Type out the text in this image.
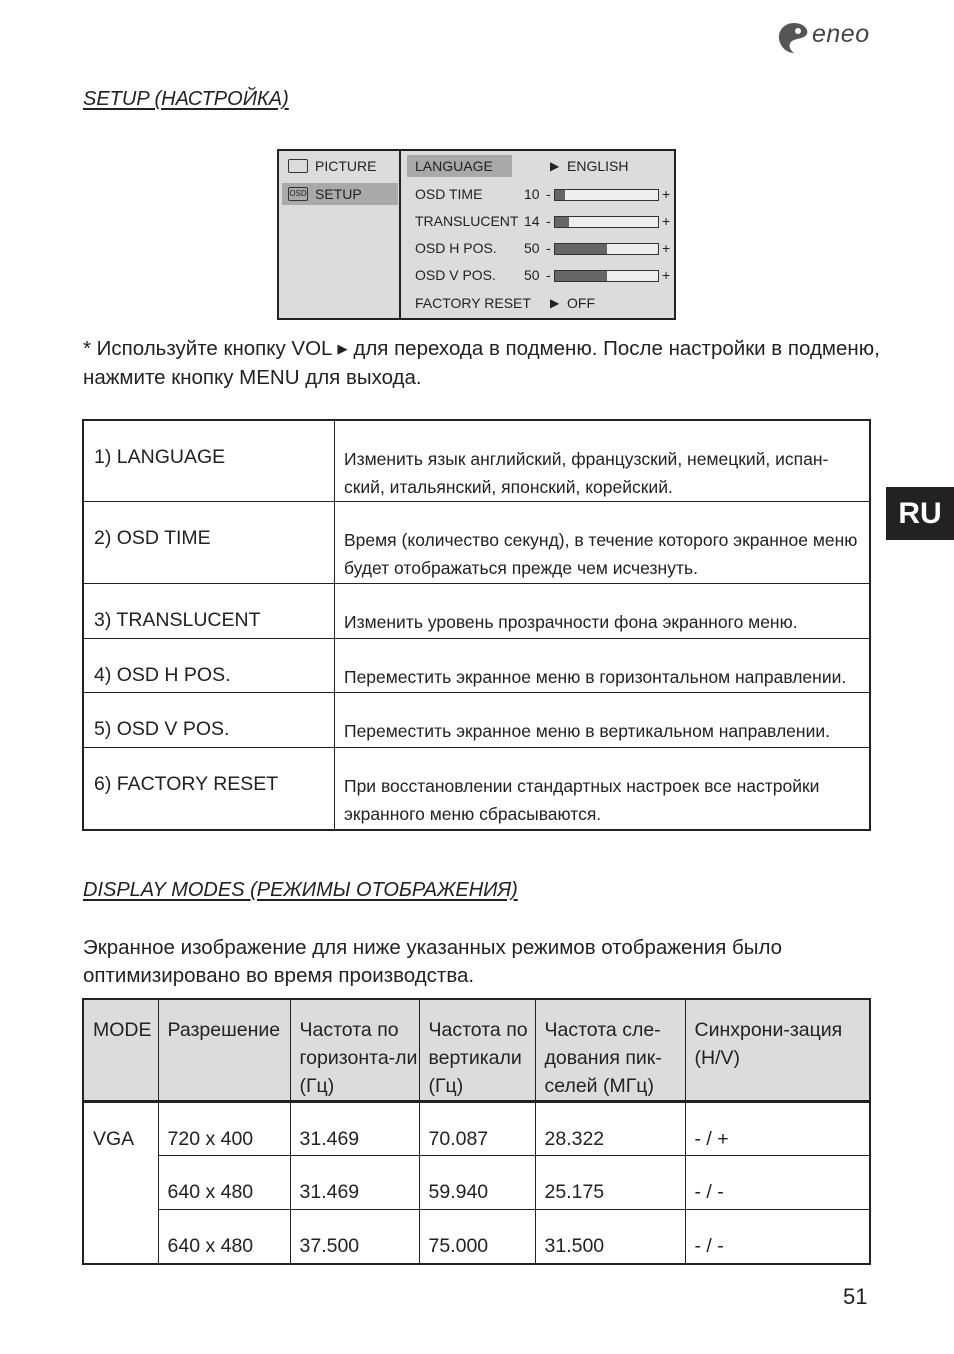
eneo
SETUP (НАСТРОЙКА)
PICTURE
OSD SETUP
LANGUAGE	▶ ENGLISH
OSD TIME	10 -	+
TRANSLUCENT 14 -	+
OSD H POS. 50 -	+
OSD V POS. 50 -	+
FACTORY RESET ▶ OFF
* Используйте кнопку VOL ▸ для перехода в подменю. После настройки в подменю, нажмите кнопку MENU для выхода.
RU
1) LANGUAGE	Изменить язык английский, французский, немецкий, испан-ский, итальянский, японский, корейский.
2) OSD TIME	Время (количество секунд), в течение которого экранное меню будет отображаться прежде чем исчезнуть.
3) TRANSLUCENT	Изменить уровень прозрачности фона экранного меню.
4) OSD H POS.	Переместить экранное меню в горизонтальном направлении.
5) OSD V POS.	Переместить экранное меню в вертикальном направлении.
6) FACTORY RESET	При восстановлении стандартных настроек все настройки экранного меню сбрасываются.
DISPLAY MODES (РЕЖИМЫ ОТОБРАЖЕНИЯ)
Экранное изображение для ниже указанных режимов отображения было оптимизировано во время производства.
MODE	Разрешение	Частота по горизонта-ли (Гц)	Частота по вертикали (Гц)	Частота сле-дования пик-селей (МГц)	Синхрони-зация (H/V)
VGA	720 x 400	31.469	70.087	28.322	- / +
	640 x 480	31.469	59.940	25.175	- / -
	640 x 480	37.500	75.000	31.500	- / -
51
